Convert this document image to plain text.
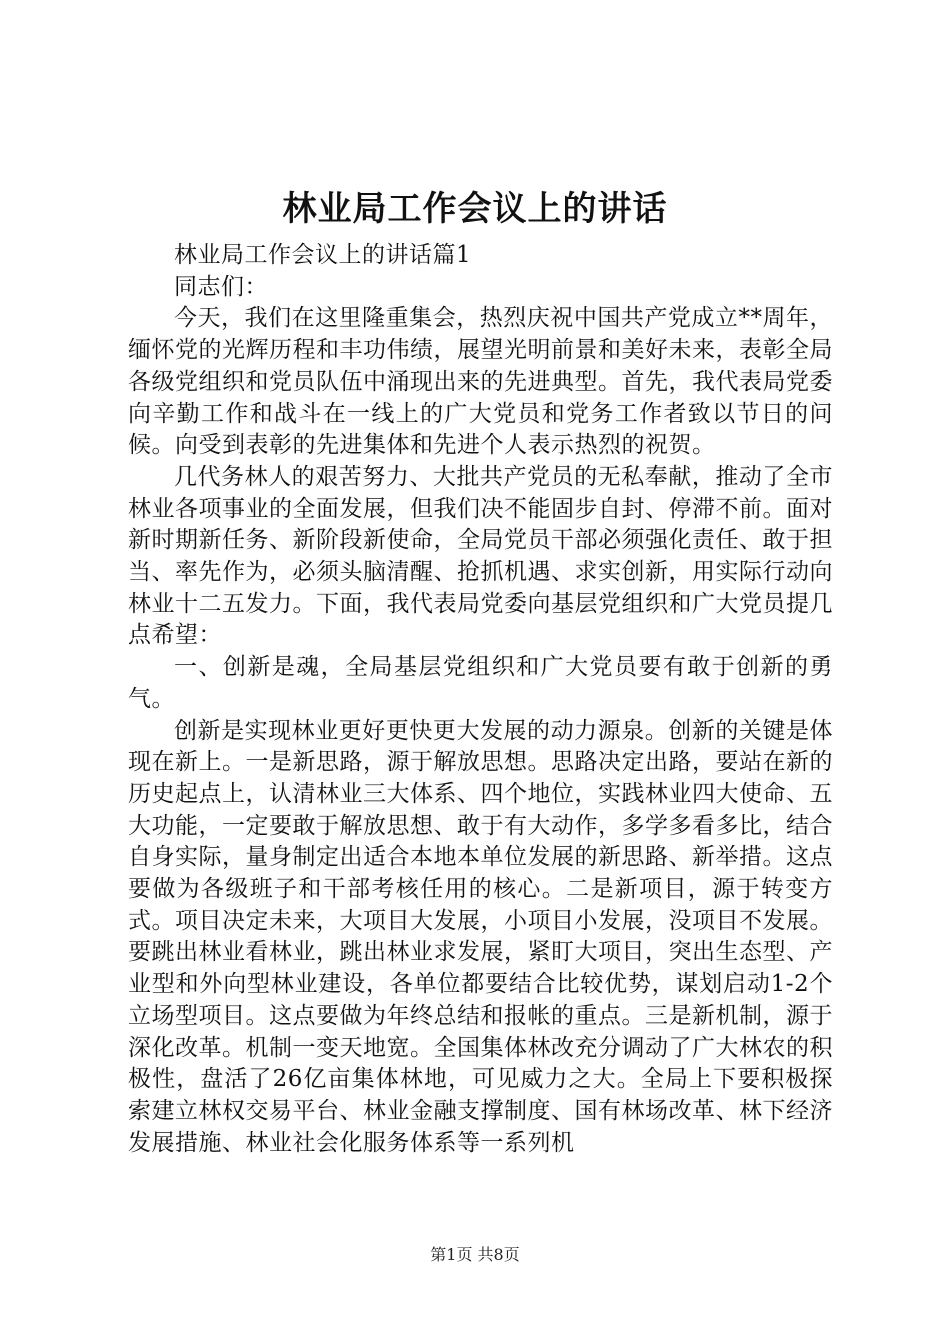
林业局工作会议上的讲话

林业局工作会议上的讲话篇1

同志们：

今天，我们在这里隆重集会，热烈庆祝中国共产党成立**周年，缅怀党的光辉历程和丰功伟绩，展望光明前景和美好未来，表彰全局各级党组织和党员队伍中涌现出来的先进典型。首先，我代表局党委向辛勤工作和战斗在一线上的广大党员和党务工作者致以节日的问候。向受到表彰的先进集体和先进个人表示热烈的祝贺。

几代务林人的艰苦努力、大批共产党员的无私奉献，推动了全市林业各项事业的全面发展，但我们决不能固步自封、停滞不前。面对新时期新任务、新阶段新使命，全局党员干部必须强化责任、敢于担当、率先作为，必须头脑清醒、抢抓机遇、求实创新，用实际行动向林业十二五发力。下面，我代表局党委向基层党组织和广大党员提几点希望：

一、创新是魂，全局基层党组织和广大党员要有敢于创新的勇气。

创新是实现林业更好更快更大发展的动力源泉。创新的关键是体现在新上。一是新思路，源于解放思想。思路决定出路，要站在新的历史起点上，认清林业三大体系、四个地位，实践林业四大使命、五大功能，一定要敢于解放思想、敢于有大动作，多学多看多比，结合自身实际，量身制定出适合本地本单位发展的新思路、新举措。这点要做为各级班子和干部考核任用的核心。二是新项目，源于转变方式。项目决定未来，大项目大发展，小项目小发展，没项目不发展。要跳出林业看林业，跳出林业求发展，紧盯大项目，突出生态型、产业型和外向型林业建设，各单位都要结合比较优势，谋划启动1-2个立场型项目。这点要做为年终总结和报帐的重点。三是新机制，源于深化改革。机制一变天地宽。全国集体林改充分调动了广大林农的积极性，盘活了26亿亩集体林地，可见威力之大。全局上下要积极探索建立林权交易平台、林业金融支撑制度、国有林场改革、林下经济发展措施、林业社会化服务体系等一系列机

第1页 共8页
